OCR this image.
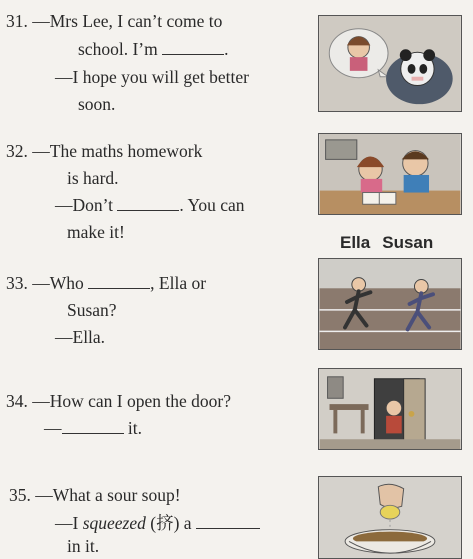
31. —Mrs Lee, I can’t come to
school. I’m	.
—I hope you will get better
soon.
32. —The maths homework
is hard.
—Don’t	. You can
make it!
Ella Susan
33. —Who	, Ella or
Susan?
—Ella.
34. —How can I open the door?
—	it.
35. —What a sour soup!
—I squeezed (挤) a
in it.
